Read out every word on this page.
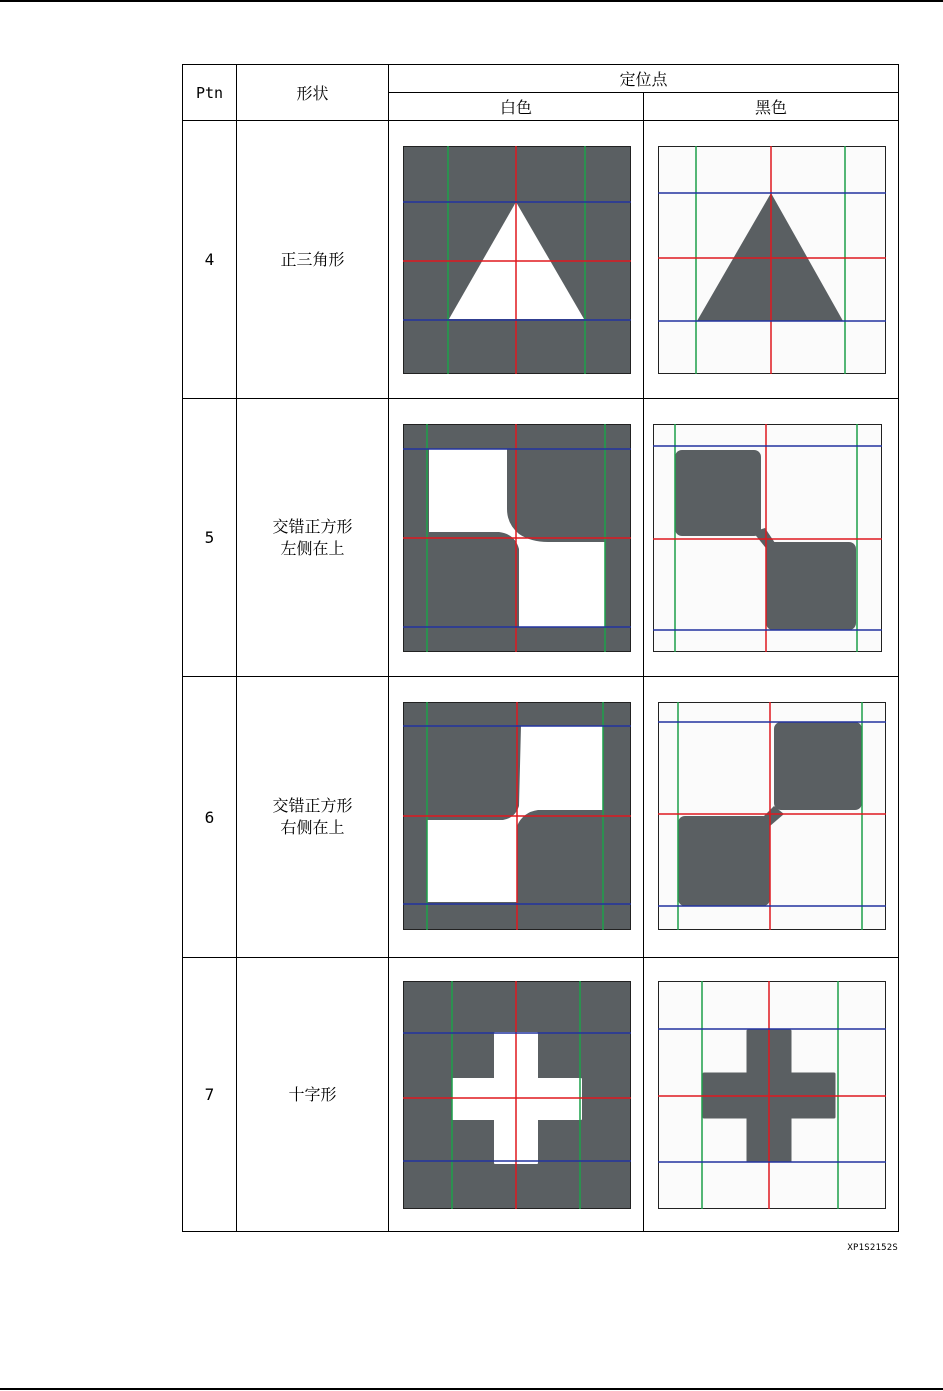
Ptn	形状	定位点	
		白色	黑色
4	正三角形

5	交错正方形
左侧在上

6	交错正方形
右侧在上

7	十字形

XP1S2152S
